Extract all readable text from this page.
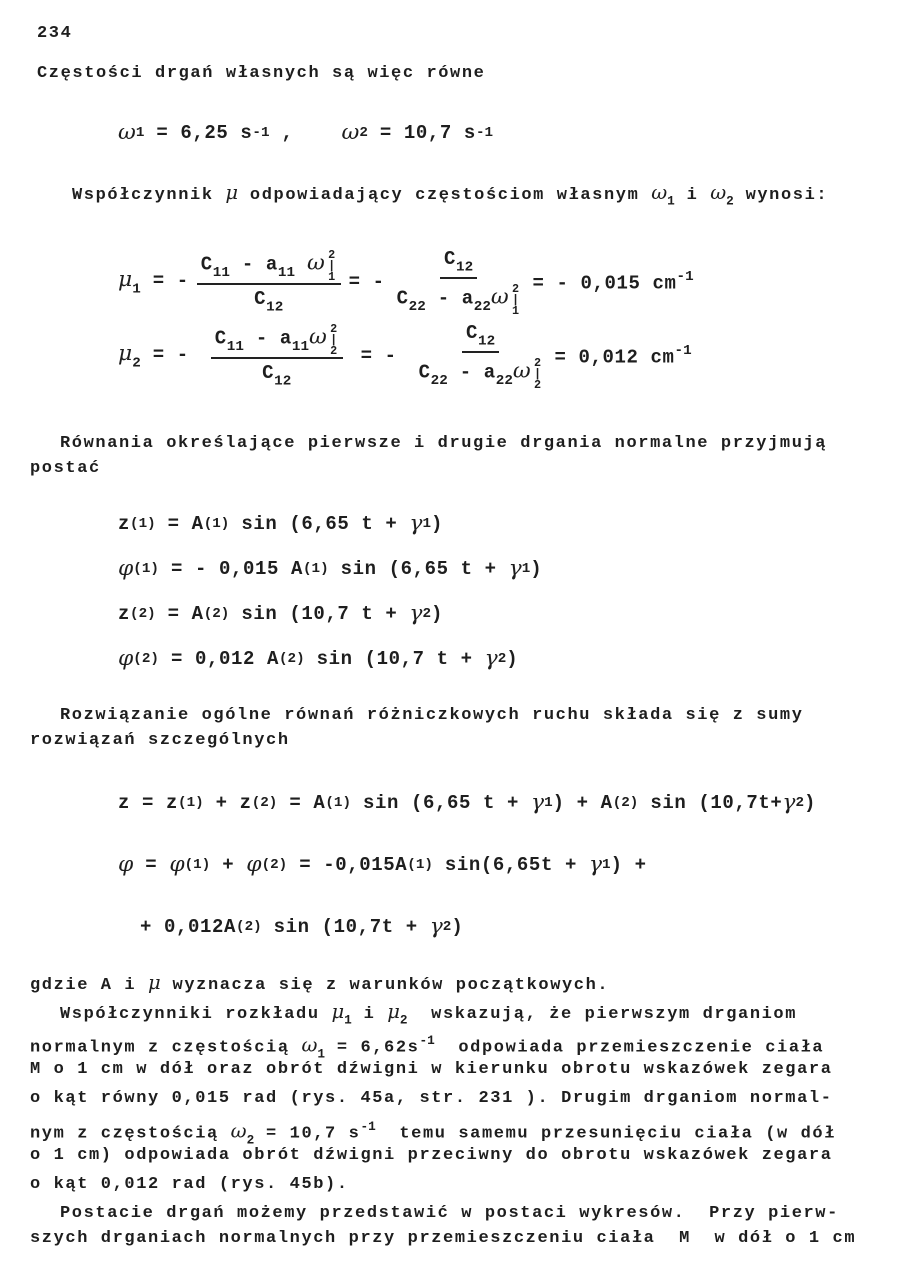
234
Częstości drgań własnych są więc równe
ω 1 = 6,25 s -1 , ω 2 = 10,7 s -1
Współczynnik μ odpowiadający częstościom własnym $\omega_1$ i $\omega_2$ wynosi:
$\mu_1$ = - $\frac{C_{11} - a_{11} \omega 2|1}{C_{12}}$ = - $\frac{C_{12}}{C_{22} - a_{22}\omega 2|1}$ = - 0,015 $cm^{-1}$
$\mu_2$ = - $\frac{C_{11} - a_{11}\omega 2|2}{C_{12}}$ = - $\frac{C_{12}}{C_{22} - a_{22}\omega 2|2} = 0,012$ $cm^{-1}$
Równania określające pierwsze i drugie drgania normalne przyjmują
postać
z (1) = A (1) sin (6,65 t + γ 1 )
φ (1) = - 0,015 A (1) sin (6,65 t + γ 1 )
z (2) = A (2) sin (10,7 t + γ 2 )
φ (2) = 0,012 A (2) sin (10,7 t + γ 2 )
Rozwiązanie ogólne równań różniczkowych ruchu składa się z sumy
rozwiązań szczególnych
z = z (1) + z (2) = A (1) sin (6,65 t + γ 1 ) + A (2) sin (10,7t+ γ 2 )
φ = φ (1) + φ (2) = -0,015A (1) sin(6,65t + γ 1 ) +
+ 0,012A (2) sin (10,7t + γ 2 )
gdzie A i μ wyznacza się z warunków początkowych.
Współczynniki rozkładu $\mu_1$ i $\mu_2$  wskazują, że pierwszym drganiom
normalnym z częstością $\omega_1 = 6,62s^{-1}$  odpowiada przemieszczenie ciała
M o 1 cm w dół oraz obrót dźwigni w kierunku obrotu wskazówek zegara
o kąt równy 0,015 rad (rys. 45a, str. 231 ). Drugim drganiom normal-
nym z częstością $\omega_2 = 10,7$ $s^{-1}$  temu samemu przesunięciu ciała (w dół
o 1 cm) odpowiada obrót dźwigni przeciwny do obrotu wskazówek zegara
o kąt 0,012 rad (rys. 45b).
Postacie drgań możemy przedstawić w postaci wykresów.  Przy pierw-
szych drganiach normalnych przy przemieszczeniu ciała  M  w dół o 1 cm
